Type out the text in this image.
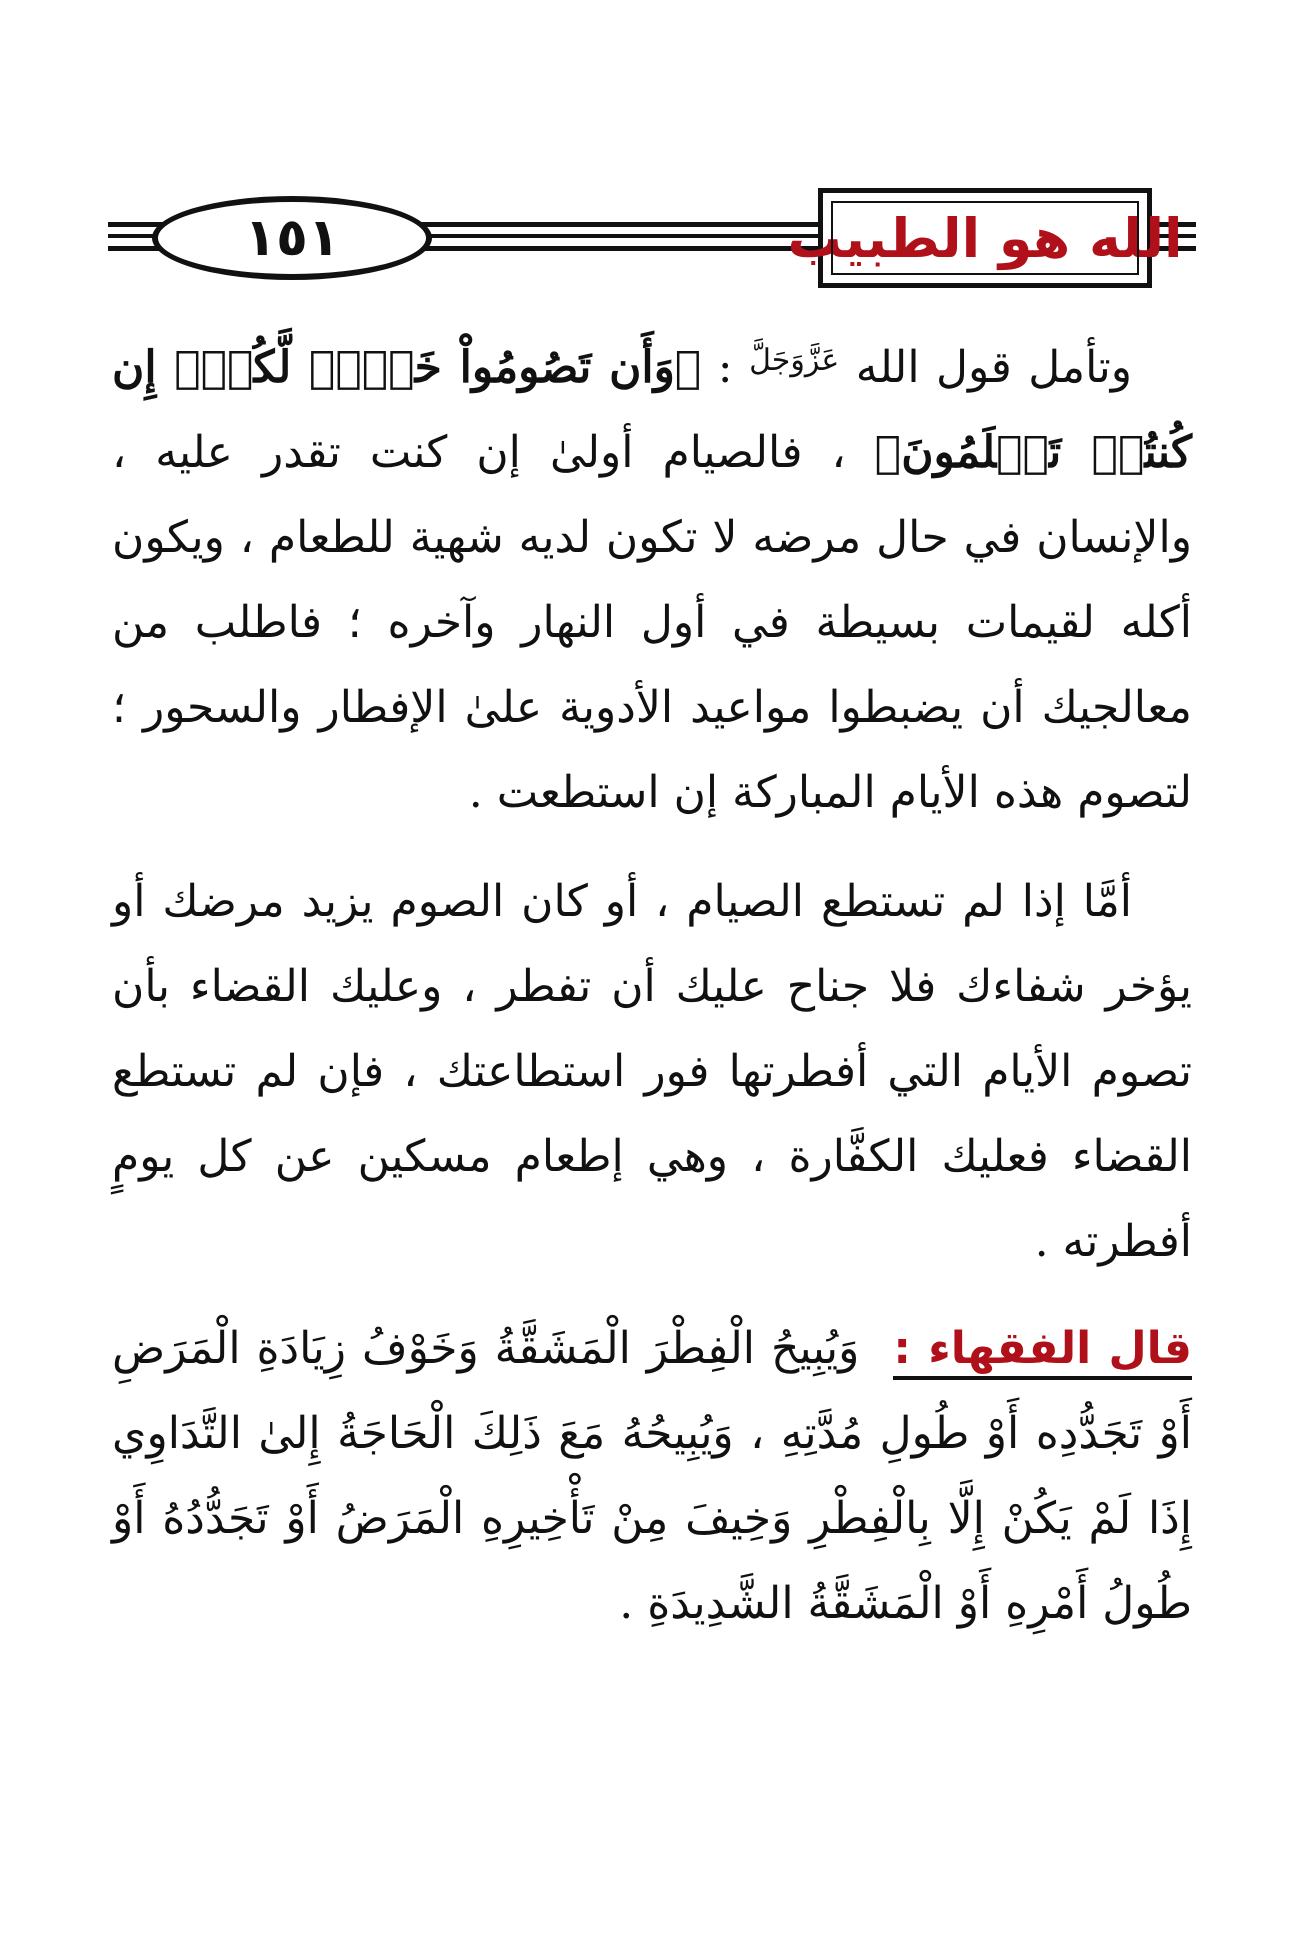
١٥١	الله هو الطبيب

وتأمل قول الله $^{عَزَّوَجَلَّ}$ : ﴿وَأَن تَصُومُواْ خَيۡرٞ لَّكُمۡۖ إِن كُنتُمۡ تَعۡلَمُونَ﴾ ، فالصيام أولىٰ إن كنت تقدر عليه ، والإنسان في حال مرضه لا تكون لديه شهية للطعام ، ويكون أكله لقيمات بسيطة في أول النهار وآخره ؛ فاطلب من معالجيك أن يضبطوا مواعيد الأدوية علىٰ الإفطار والسحور ؛ لتصوم هذه الأيام المباركة إن استطعت .

أمَّا إذا لم تستطع الصيام ، أو كان الصوم يزيد مرضك أو يؤخر شفاءك فلا جناح عليك أن تفطر ، وعليك القضاء بأن تصوم الأيام التي أفطرتها فور استطاعتك ، فإن لم تستطع القضاء فعليك الكفَّارة ، وهي إطعام مسكين عن كل يومٍ أفطرته .

قال الفقهاء : وَيُبِيحُ الْفِطْرَ الْمَشَقَّةُ وَخَوْفُ زِيَادَةِ الْمَرَضِ أَوْ تَجَدُّدِه أَوْ طُولِ مُدَّتِهِ ، وَيُبِيحُهُ مَعَ ذَلِكَ الْحَاجَةُ إِلىٰ التَّدَاوِي إِذَا لَمْ يَكُنْ إِلَّا بِالْفِطْرِ وَخِيفَ مِنْ تَأْخِيرِهِ الْمَرَضُ أَوْ تَجَدُّدُهُ أَوْ طُولُ أَمْرِهِ أَوْ الْمَشَقَّةُ الشَّدِيدَةِ .
